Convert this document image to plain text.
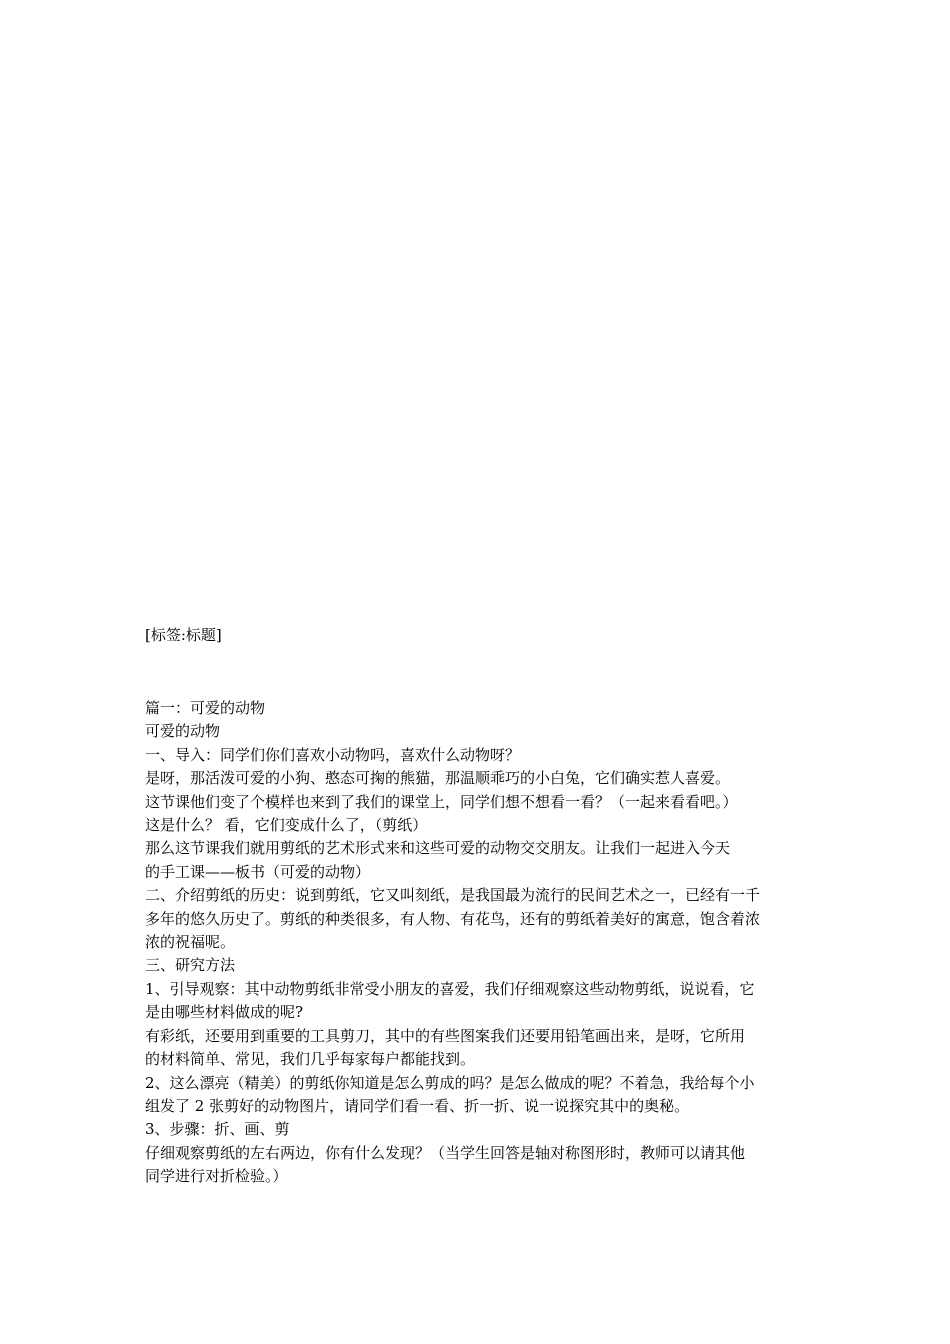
[标签:标题]

篇一：可爱的动物

可爱的动物

一、导入：同学们你们喜欢小动物吗，喜欢什么动物呀？

是呀，那活泼可爱的小狗、憨态可掬的熊猫，那温顺乖巧的小白兔，它们确实惹人喜爱。

这节课他们变了个模样也来到了我们的课堂上，同学们想不想看一看？（一起来看看吧。）

这是什么？ 看，它们变成什么了，（剪纸）

那么这节课我们就用剪纸的艺术形式来和这些可爱的动物交交朋友。让我们一起进入今天

的手工课——板书（可爱的动物）

二、介绍剪纸的历史：说到剪纸，它又叫刻纸，是我国最为流行的民间艺术之一，已经有一千

多年的悠久历史了。剪纸的种类很多，有人物、有花鸟，还有的剪纸着美好的寓意，饱含着浓

浓的祝福呢。

三、研究方法

1、引导观察：其中动物剪纸非常受小朋友的喜爱，我们仔细观察这些动物剪纸，说说看，它

是由哪些材料做成的呢?

有彩纸，还要用到重要的工具剪刀，其中的有些图案我们还要用铅笔画出来，是呀，它所用

的材料简单、常见，我们几乎每家每户都能找到。

2、这么漂亮（精美）的剪纸你知道是怎么剪成的吗？是怎么做成的呢？不着急，我给每个小

组发了 2 张剪好的动物图片，请同学们看一看、折一折、说一说探究其中的奥秘。

3、步骤：折、画、剪

仔细观察剪纸的左右两边，你有什么发现？（当学生回答是轴对称图形时，教师可以请其他

同学进行对折检验。）
